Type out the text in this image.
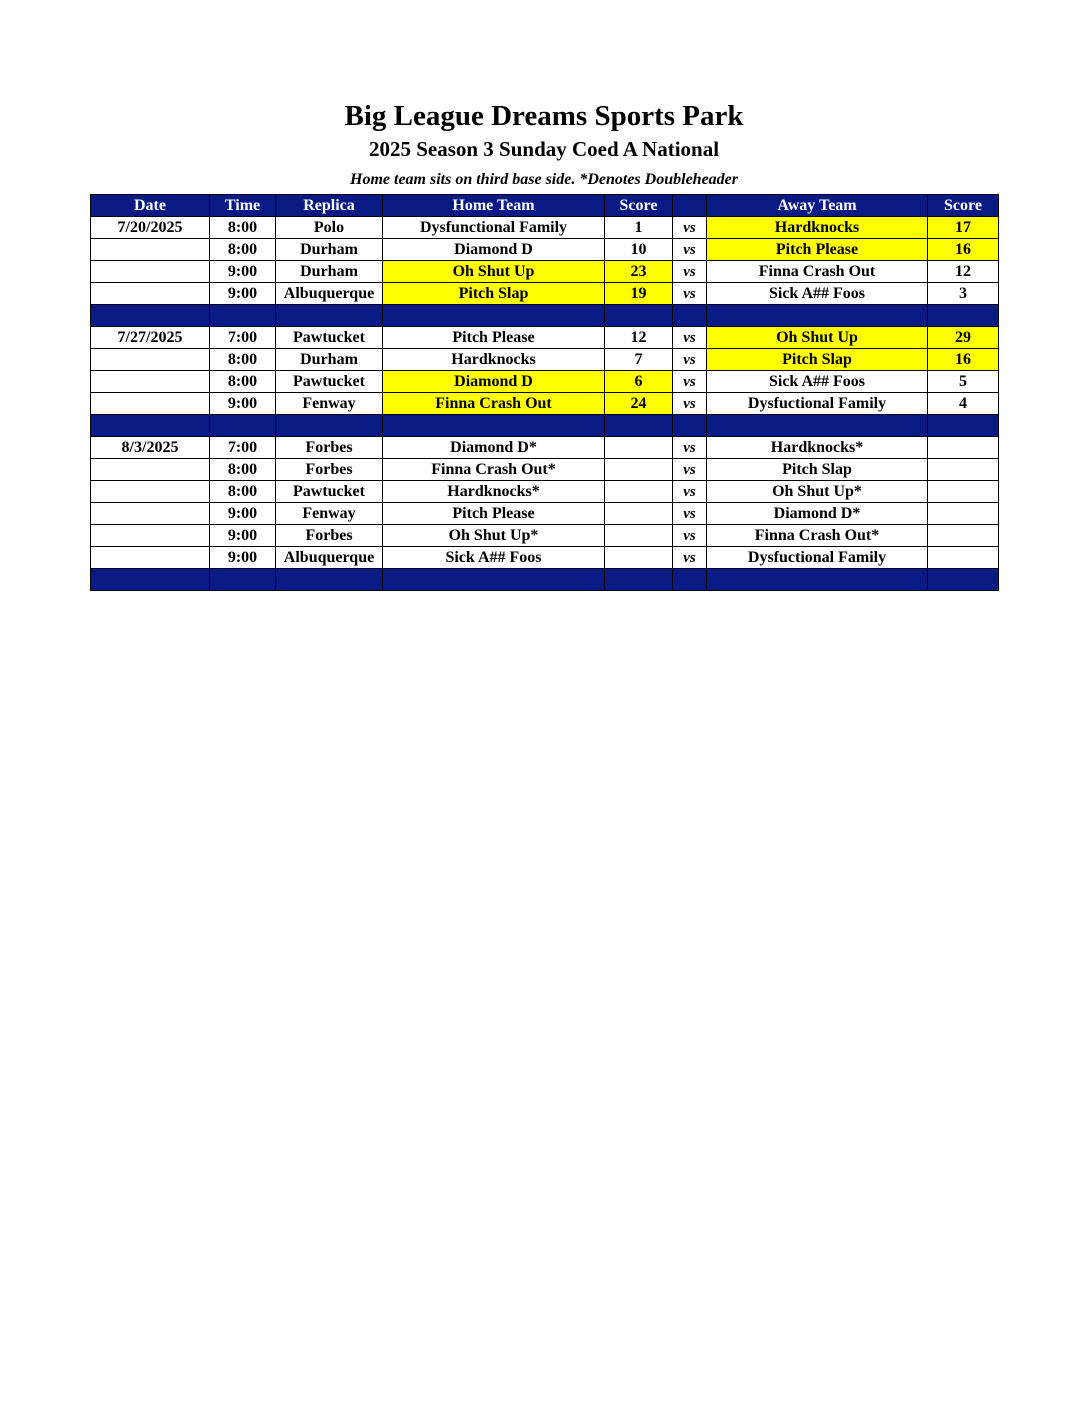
Big League Dreams Sports Park
2025 Season 3 Sunday Coed A National
Home team sits on third base side. *Denotes Doubleheader
Date	Time	Replica	Home Team	Score		Away Team	Score
7/20/2025	8:00	Polo	Dysfunctional Family	1	vs	Hardknocks	17
	8:00	Durham	Diamond D	10	vs	Pitch Please	16
	9:00	Durham	Oh Shut Up	23	vs	Finna Crash Out	12
	9:00	Albuquerque	Pitch Slap	19	vs	Sick A## Foos	3

7/27/2025	7:00	Pawtucket	Pitch Please	12	vs	Oh Shut Up	29
	8:00	Durham	Hardknocks	7	vs	Pitch Slap	16
	8:00	Pawtucket	Diamond D	6	vs	Sick A## Foos	5
	9:00	Fenway	Finna Crash Out	24	vs	Dysfuctional Family	4

8/3/2025	7:00	Forbes	Diamond D*		vs	Hardknocks*	
	8:00	Forbes	Finna Crash Out*		vs	Pitch Slap	
	8:00	Pawtucket	Hardknocks*		vs	Oh Shut Up*	
	9:00	Fenway	Pitch Please		vs	Diamond D*	
	9:00	Forbes	Oh Shut Up*		vs	Finna Crash Out*	
	9:00	Albuquerque	Sick A## Foos		vs	Dysfuctional Family	
